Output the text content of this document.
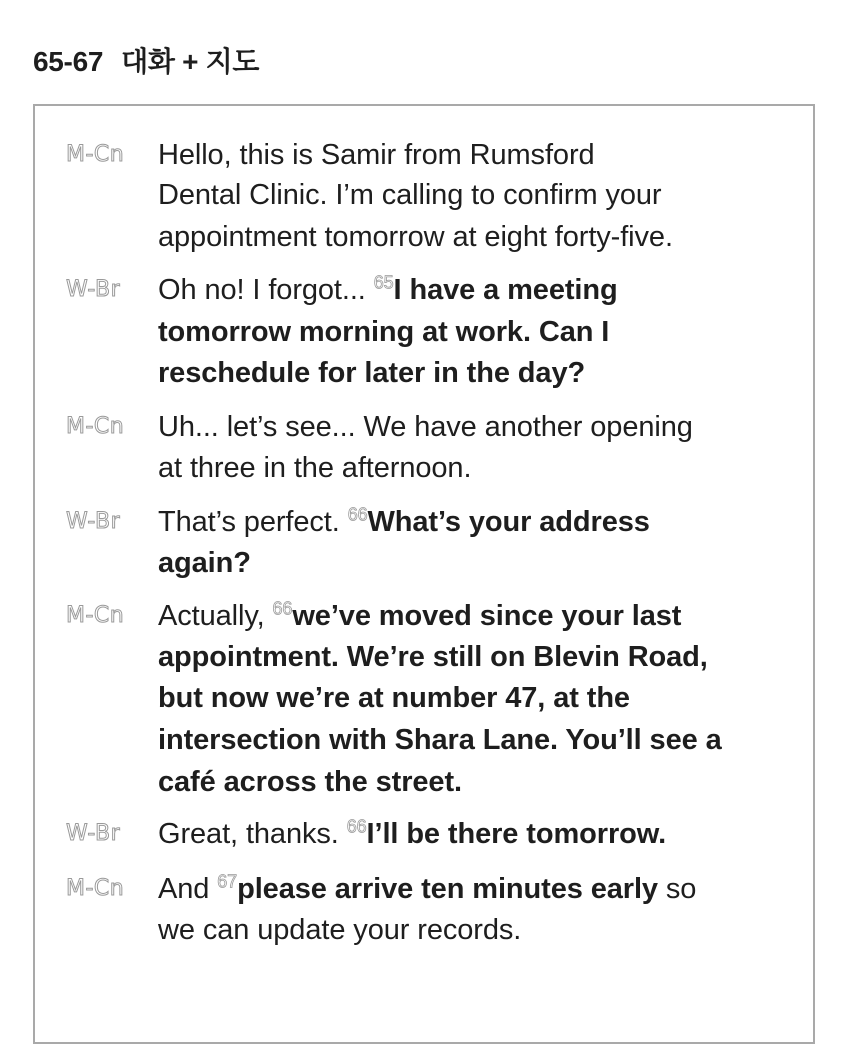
65-67 대화 + 지도
M-Cn Hello, this is Samir from Rumsford
Dental Clinic. I’m calling to confirm your
appointment tomorrow at eight forty-five.
W-Br Oh no! I forgot... $^{65}$I have a meeting
tomorrow morning at work. Can I
reschedule for later in the day?
M-Cn Uh... let’s see... We have another opening
at three in the afternoon.
W-Br That’s perfect. $^{66}$What’s your address
again?
M-Cn Actually, $^{66}$we’ve moved since your last
appointment. We’re still on Blevin Road,
but now we’re at number 47, at the
intersection with Shara Lane. You’ll see a
café across the street.
W-Br Great, thanks. $^{66}$I’ll be there tomorrow.
M-Cn And $^{67}$please arrive ten minutes early so
we can update your records.
